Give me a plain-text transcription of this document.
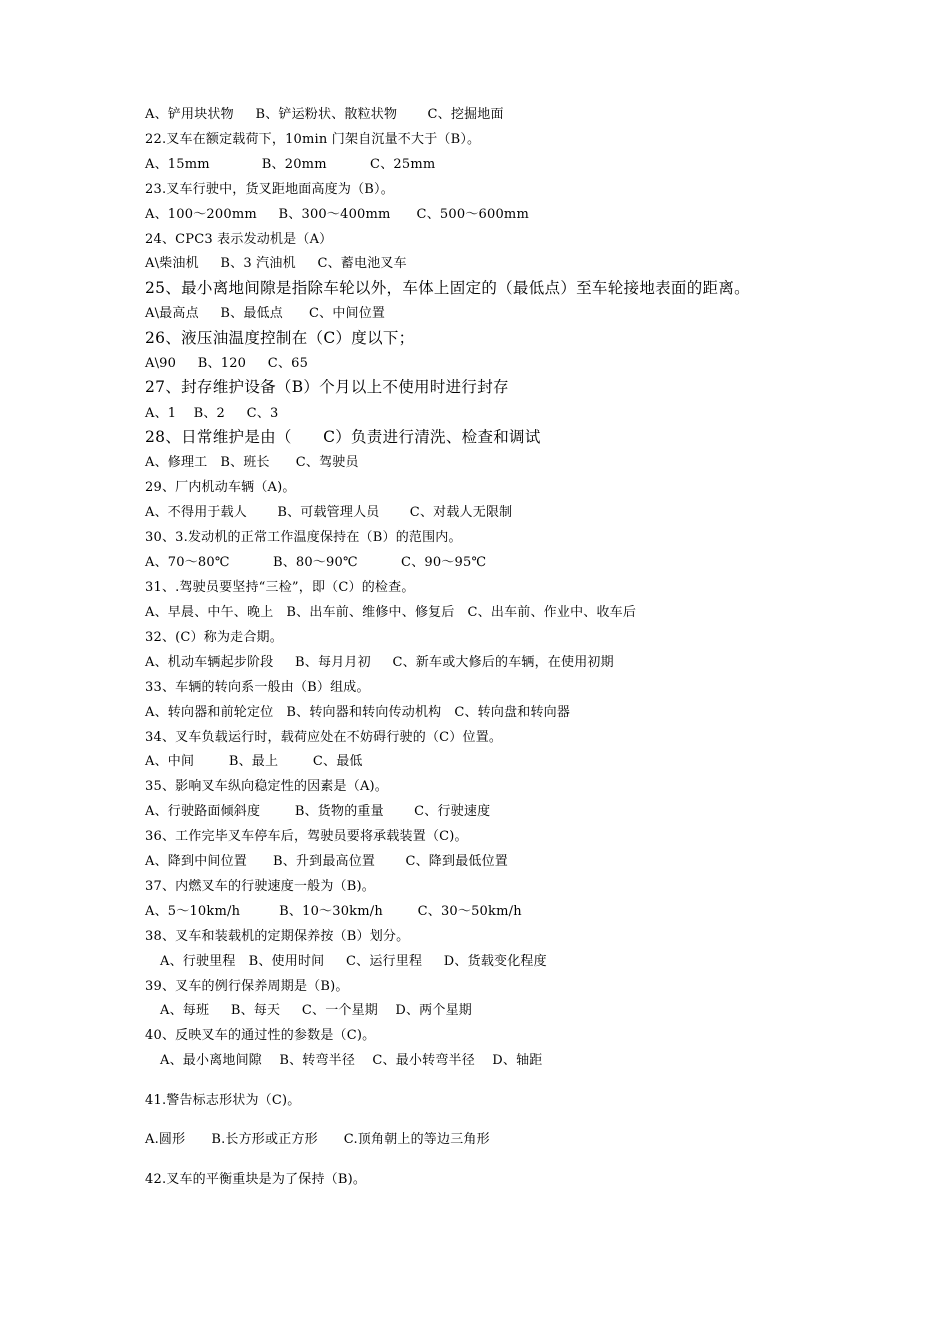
A、铲用块状物     B、铲运粉状、散粒状物       C、挖掘地面
22.叉车在额定载荷下，10min 门架自沉量不大于（B）。
A、15mm            B、20mm          C、25mm
23.叉车行驶中，货叉距地面高度为（B）。
A、100～200mm     B、300～400mm      C、500～600mm
24、CPC3 表示发动机是（A）
A\柴油机     B、3 汽油机     C、蓄电池叉车
25、最小离地间隙是指除车轮以外，车体上固定的（最低点）至车轮接地表面的距离。
A\最高点     B、最低点      C、中间位置
26、液压油温度控制在（C）度以下；
A\90     B、120     C、65
27、封存维护设备（B）个月以上不使用时进行封存
A、1    B、2     C、3
28、日常维护是由（      C）负责进行清洗、检查和调试
A、修理工   B、班长      C、驾驶员
29、厂内机动车辆（A)。
A、不得用于载人       B、可载管理人员       C、对载人无限制
30、3.发动机的正常工作温度保持在（B）的范围内。
A、70～80℃          B、80～90℃          C、90～95℃
31、.驾驶员要坚持“三检”，即（C）的检查。
A、早晨、中午、晚上   B、出车前、维修中、修复后   C、出车前、作业中、收车后
32、(C）称为走合期。
A、机动车辆起步阶段     B、每月月初     C、新车或大修后的车辆，在使用初期
33、车辆的转向系一般由（B）组成。
A、转向器和前轮定位   B、转向器和转向传动机构   C、转向盘和转向器
34、叉车负载运行时，载荷应处在不妨碍行驶的（C）位置。
A、中间        B、最上        C、最低
35、影响叉车纵向稳定性的因素是（A)。
A、行驶路面倾斜度        B、货物的重量       C、行驶速度
36、工作完毕叉车停车后，驾驶员要将承载装置（C)。
A、降到中间位置      B、升到最高位置       C、降到最低位置
37、内燃叉车的行驶速度一般为（B)。
A、5～10km/h         B、10～30km/h        C、30～50km/h
38、叉车和装载机的定期保养按（B）划分。
A、行驶里程   B、使用时间     C、运行里程     D、货载变化程度
39、叉车的例行保养周期是（B)。
A、每班     B、每天     C、一个星期    D、两个星期
40、反映叉车的通过性的参数是（C)。
A、最小离地间隙    B、转弯半径    C、最小转弯半径    D、轴距
41.警告标志形状为（C)。
A.圆形      B.长方形或正方形      C.顶角朝上的等边三角形
42.叉车的平衡重块是为了保持（B)。
